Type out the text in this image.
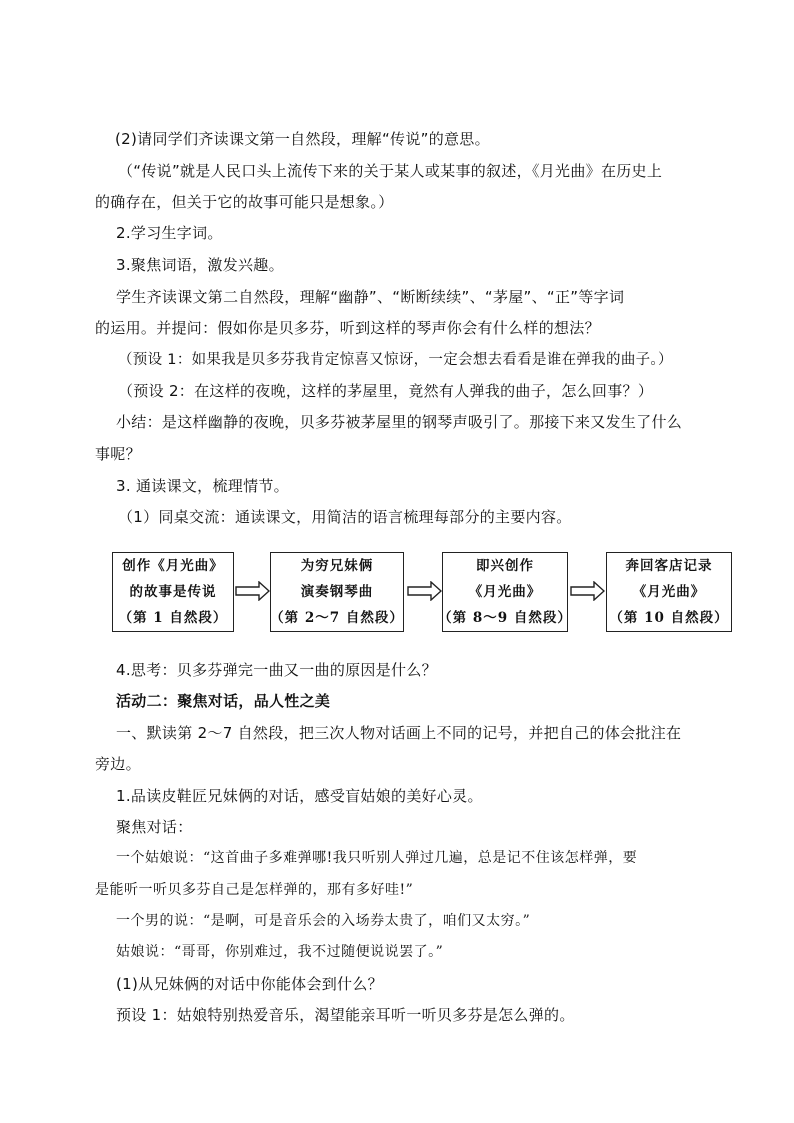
(2)请同学们齐读课文第一自然段，理解“传说”的意思。
（“传说”就是人民口头上流传下来的关于某人或某事的叙述，《月光曲》在历史上
的确存在，但关于它的故事可能只是想象。）
2.学习生字词。
3.聚焦词语，激发兴趣。
学生齐读课文第二自然段，理解“幽静”、“断断续续”、“茅屋”、“正”等字词
的运用。并提问：假如你是贝多芬，听到这样的琴声你会有什么样的想法？
（预设 1：如果我是贝多芬我肯定惊喜又惊讶，一定会想去看看是谁在弹我的曲子。）
（预设 2：在这样的夜晚，这样的茅屋里，竟然有人弹我的曲子，怎么回事？）
小结：是这样幽静的夜晚，贝多芬被茅屋里的钢琴声吸引了。那接下来又发生了什么
事呢？
3. 通读课文，梳理情节。
（1）同桌交流：通读课文，用简洁的语言梳理每部分的主要内容。
创作《月光曲》
的故事是传说
（第 1 自然段）
为穷兄妹俩
演奏钢琴曲
（第 2～7 自然段）
即兴创作
《月光曲》
（第 8～9 自然段）
奔回客店记录
《月光曲》
（第 10 自然段）
4.思考：贝多芬弹完一曲又一曲的原因是什么？
活动二：聚焦对话，品人性之美
一、默读第 2～7 自然段，把三次人物对话画上不同的记号，并把自己的体会批注在
旁边。
1.品读皮鞋匠兄妹俩的对话，感受盲姑娘的美好心灵。
聚焦对话：
一个姑娘说：“这首曲子多难弹哪!我只听别人弹过几遍，总是记不住该怎样弹，要
是能听一听贝多芬自己是怎样弹的，那有多好哇!”
一个男的说：“是啊，可是音乐会的入场券太贵了，咱们又太穷。”
姑娘说：“哥哥，你别难过，我不过随便说说罢了。”
(1)从兄妹俩的对话中你能体会到什么？
预设 1：姑娘特别热爱音乐，渴望能亲耳听一听贝多芬是怎么弹的。
